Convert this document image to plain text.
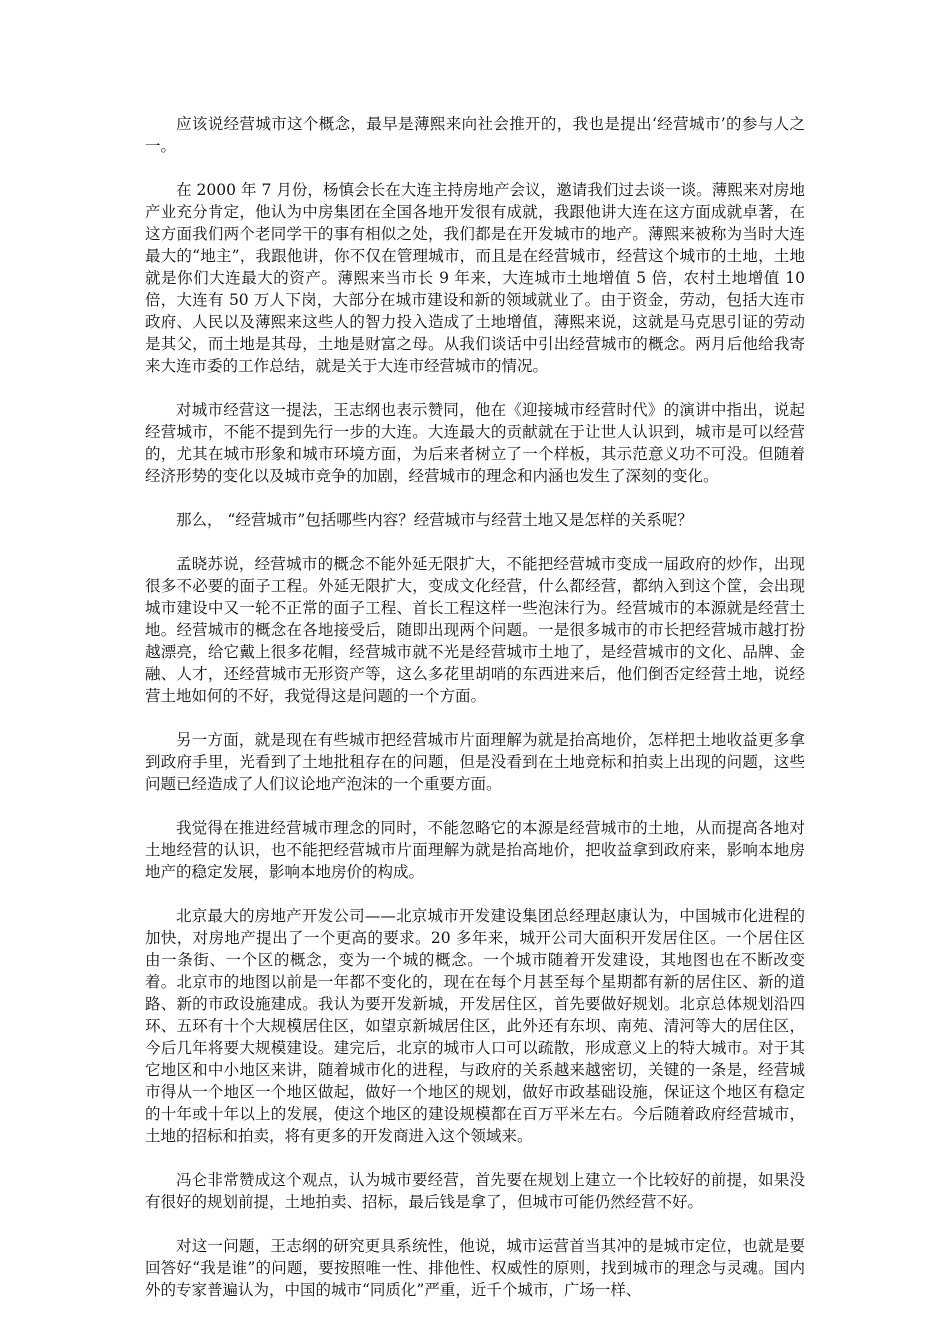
应该说经营城市这个概念，最早是薄熙来向社会推开的，我也是提出‘经营城市’的参与人之一。

在 2000 年 7 月份，杨慎会长在大连主持房地产会议，邀请我们过去谈一谈。薄熙来对房地产业充分肯定，他认为中房集团在全国各地开发很有成就，我跟他讲大连在这方面成就卓著，在这方面我们两个老同学干的事有相似之处，我们都是在开发城市的地产。薄熙来被称为当时大连最大的“地主”，我跟他讲，你不仅在管理城市，而且是在经营城市，经营这个城市的土地，土地就是你们大连最大的资产。薄熙来当市长 9 年来，大连城市土地增值 5 倍，农村土地增值 10 倍，大连有 50 万人下岗，大部分在城市建设和新的领域就业了。由于资金，劳动，包括大连市政府、人民以及薄熙来这些人的智力投入造成了土地增值，薄熙来说，这就是马克思引证的劳动是其父，而土地是其母，土地是财富之母。从我们谈话中引出经营城市的概念。两月后他给我寄来大连市委的工作总结，就是关于大连市经营城市的情况。

对城市经营这一提法，王志纲也表示赞同，他在《迎接城市经营时代》的演讲中指出，说起经营城市，不能不提到先行一步的大连。大连最大的贡献就在于让世人认识到，城市是可以经营的，尤其在城市形象和城市环境方面，为后来者树立了一个样板，其示范意义功不可没。但随着经济形势的变化以及城市竞争的加剧，经营城市的理念和内涵也发生了深刻的变化。

那么， “经营城市”包括哪些内容？经营城市与经营土地又是怎样的关系呢？

孟晓苏说，经营城市的概念不能外延无限扩大，不能把经营城市变成一届政府的炒作，出现很多不必要的面子工程。外延无限扩大，变成文化经营，什么都经营，都纳入到这个筐，会出现城市建设中又一轮不正常的面子工程、首长工程这样一些泡沫行为。经营城市的本源就是经营土地。经营城市的概念在各地接受后，随即出现两个问题。一是很多城市的市长把经营城市越打扮越漂亮，给它戴上很多花帽，经营城市就不光是经营城市土地了，是经营城市的文化、品牌、金融、人才，还经营城市无形资产等，这么多花里胡哨的东西进来后，他们倒否定经营土地，说经营土地如何的不好，我觉得这是问题的一个方面。

另一方面，就是现在有些城市把经营城市片面理解为就是抬高地价，怎样把土地收益更多拿到政府手里，光看到了土地批租存在的问题，但是没看到在土地竞标和拍卖上出现的问题，这些问题已经造成了人们议论地产泡沫的一个重要方面。

我觉得在推进经营城市理念的同时，不能忽略它的本源是经营城市的土地，从而提高各地对土地经营的认识，也不能把经营城市片面理解为就是抬高地价，把收益拿到政府来，影响本地房地产的稳定发展，影响本地房价的构成。

北京最大的房地产开发公司——北京城市开发建设集团总经理赵康认为，中国城市化进程的加快，对房地产提出了一个更高的要求。20 多年来，城开公司大面积开发居住区。一个居住区由一条街、一个区的概念，变为一个城的概念。一个城市随着开发建设，其地图也在不断改变着。北京市的地图以前是一年都不变化的，现在在每个月甚至每个星期都有新的居住区、新的道路、新的市政设施建成。我认为要开发新城，开发居住区，首先要做好规划。北京总体规划沿四环、五环有十个大规模居住区，如望京新城居住区，此外还有东坝、南苑、清河等大的居住区，今后几年将要大规模建设。建完后，北京的城市人口可以疏散，形成意义上的特大城市。对于其它地区和中小地区来讲，随着城市化的进程，与政府的关系越来越密切，关键的一条是，经营城市得从一个地区一个地区做起，做好一个地区的规划，做好市政基础设施，保证这个地区有稳定的十年或十年以上的发展，使这个地区的建设规模都在百万平米左右。今后随着政府经营城市，土地的招标和拍卖，将有更多的开发商进入这个领域来。

冯仑非常赞成这个观点，认为城市要经营，首先要在规划上建立一个比较好的前提，如果没有很好的规划前提，土地拍卖、招标，最后钱是拿了，但城市可能仍然经营不好。

对这一问题，王志纲的研究更具系统性，他说，城市运营首当其冲的是城市定位，也就是要回答好“我是谁”的问题，要按照唯一性、排他性、权威性的原则，找到城市的理念与灵魂。国内外的专家普遍认为，中国的城市“同质化”严重，近千个城市，广场一样、
